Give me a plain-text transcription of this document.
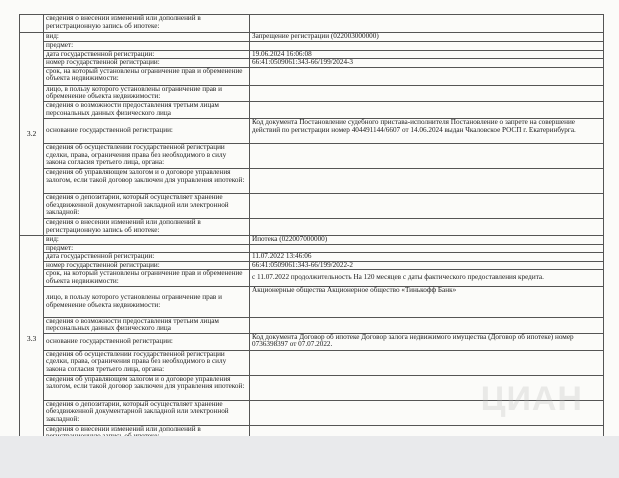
	сведения о внесении изменений или дополнений в регистрационную запись об ипотеке:	
3.2	вид:	Запрещение регистрации (022003000000)
	предмет:	
	дата государственной регистрации:	19.06.2024 16:06:08
	номер государственной регистрации:	66:41:0509061:343-66/199/2024-3
	срок, на который установлены ограничение прав и обременение объекта недвижимости:	
	лицо, в пользу которого установлены ограничение прав и обременение объекта недвижимости:	
	сведения о возможности предоставления третьим лицам персональных данных физического лица	
	основание государственной регистрации:	Код документа Постановление судебного пристава-исполнителя Постановление о запрете на совершение действий по регистрации номер 404491144/6607 от 14.06.2024 выдан Чкаловское РОСП г. Екатеринбурга.
	сведения об осуществлении государственной регистрации сделки, права, ограничения права без необходимого в силу закона согласия третьего лица, органа:	
	сведения об управляющем залогом и о договоре управления залогом, если такой договор заключен для управления ипотекой:	
	сведения о депозитарии, который осуществляет хранение обездвиженной документарной закладной или электронной закладной:	
	сведения о внесении изменений или дополнений в регистрационную запись об ипотеке:	
3.3	вид:	Ипотека (022007000000)
	предмет:	
	дата государственной регистрации:	11.07.2022 13:46:06
	номер государственной регистрации:	66:41:0509061:343-66/199/2022-2
	срок, на который установлены ограничение прав и обременение объекта недвижимости:	с 11.07.2022 продолжительность На 120 месяцев с даты фактического предоставления кредита.
	лицо, в пользу которого установлены ограничение прав и обременение объекта недвижимости:	Акционерные общества Акционерное общество «Тинькофф Банк»
	сведения о возможности предоставления третьим лицам персональных данных физического лица	
	основание государственной регистрации:	Код документа Договор об ипотеке Договор залога недвижимого имущества (Договор об ипотеке) номер 0736398397 от 07.07.2022.
	сведения об осуществлении государственной регистрации сделки, права, ограничения права без необходимого в силу закона согласия третьего лица, органа:	
	сведения об управляющем залогом и о договоре управления залогом, если такой договор заключен для управления ипотекой:	
	сведения о депозитарии, который осуществляет хранение обездвиженной документарной закладной или электронной закладной:	
	сведения о внесении изменений или дополнений в	
ЦИАН
